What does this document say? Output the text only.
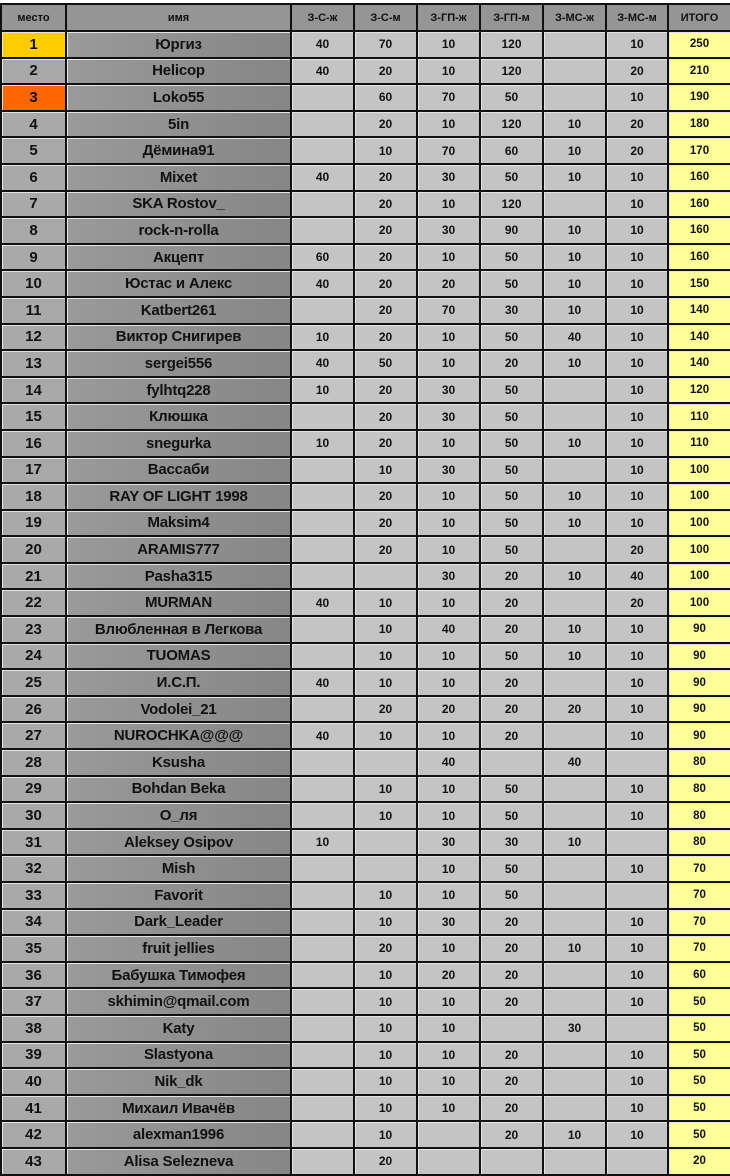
место	имя	З-С-ж	З-С-м	З-ГП-ж	З-ГП-м	З-МС-ж	З-МС-м	ИТОГО
1	Юргиз	40	70	10	120		10	250
2	Helicop	40	20	10	120		20	210
3	Loko55		60	70	50		10	190
4	5in		20	10	120	10	20	180
5	Дёмина91		10	70	60	10	20	170
6	Mixet	40	20	30	50	10	10	160
7	SKA Rostov_		20	10	120		10	160
8	rock-n-rolla		20	30	90	10	10	160
9	Акцепт	60	20	10	50	10	10	160
10	Юстас и Алекс	40	20	20	50	10	10	150
11	Katbert261		20	70	30	10	10	140
12	Виктор Снигирев	10	20	10	50	40	10	140
13	sergei556	40	50	10	20	10	10	140
14	fylhtq228	10	20	30	50		10	120
15	Клюшка		20	30	50		10	110
16	snegurka	10	20	10	50	10	10	110
17	Вассаби		10	30	50		10	100
18	RAY OF LIGHT 1998		20	10	50	10	10	100
19	Maksim4		20	10	50	10	10	100
20	ARAMIS777		20	10	50		20	100
21	Pasha315			30	20	10	40	100
22	MURMAN	40	10	10	20		20	100
23	Влюбленная в Легкова		10	40	20	10	10	90
24	TUOMAS		10	10	50	10	10	90
25	И.С.П.	40	10	10	20		10	90
26	Vodolei_21		20	20	20	20	10	90
27	NUROCHKA@@@	40	10	10	20		10	90
28	Ksusha			40		40		80
29	Bohdan Beka		10	10	50		10	80
30	О_ля		10	10	50		10	80
31	Aleksey Osipov	10		30	30	10		80
32	Mish			10	50		10	70
33	Favorit		10	10	50			70
34	Dark_Leader		10	30	20		10	70
35	fruit jellies		20	10	20	10	10	70
36	Бабушка Тимофея		10	20	20		10	60
37	skhimin@qmail.com		10	10	20		10	50
38	Katy		10	10		30		50
39	Slastyona		10	10	20		10	50
40	Nik_dk		10	10	20		10	50
41	Михаил Ивачёв		10	10	20		10	50
42	alexman1996		10		20	10	10	50
43	Alisa Selezneva		20					20
